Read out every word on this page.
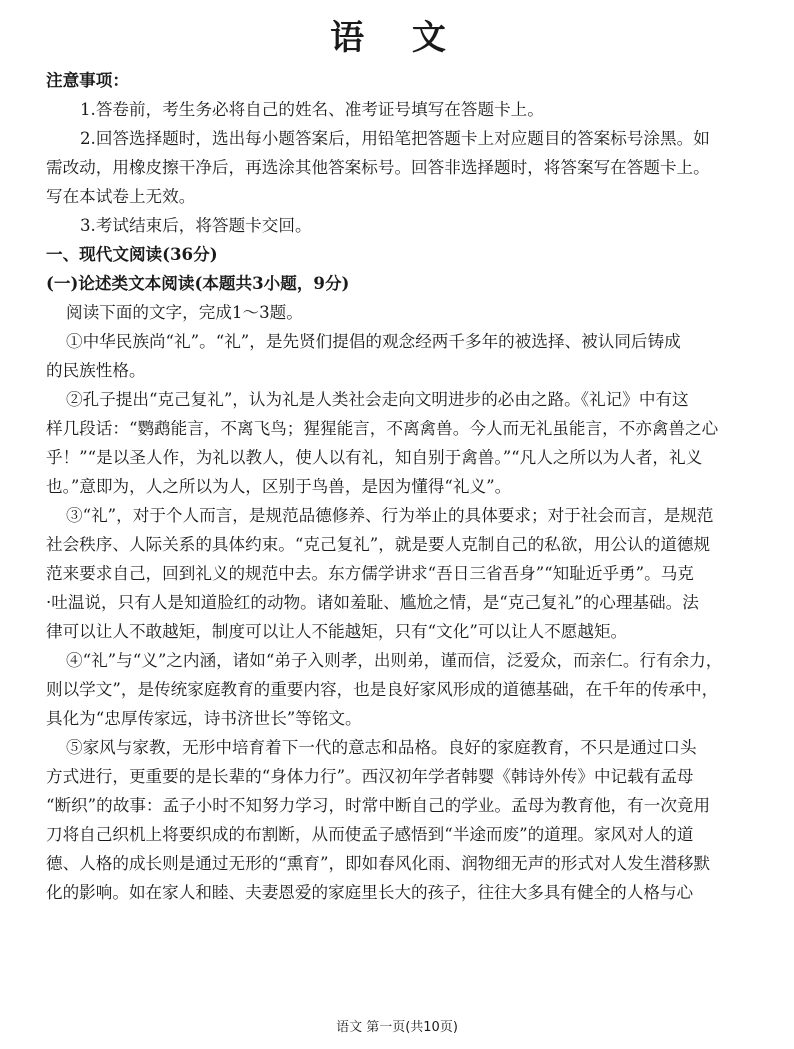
语 文
注意事项：
1.答卷前，考生务必将自己的姓名、准考证号填写在答题卡上。
2.回答选择题时，选出每小题答案后，用铅笔把答题卡上对应题目的答案标号涂黑。如
需改动，用橡皮擦干净后，再选涂其他答案标号。回答非选择题时，将答案写在答题卡上。
写在本试卷上无效。
3.考试结束后，将答题卡交回。
一、现代文阅读(36分)
(一)论述类文本阅读(本题共3小题，9分)
阅读下面的文字，完成1～3题。
①中华民族尚“礼”。“礼”，是先贤们提倡的观念经两千多年的被选择、被认同后铸成
的民族性格。
②孔子提出“克己复礼”，认为礼是人类社会走向文明进步的必由之路。《礼记》中有这
样几段话：“鹦鹉能言，不离飞鸟；猩猩能言，不离禽兽。今人而无礼虽能言，不亦禽兽之心
乎！”“是以圣人作，为礼以教人，使人以有礼，知自别于禽兽。”“凡人之所以为人者，礼义
也。”意即为，人之所以为人，区别于鸟兽，是因为懂得“礼义”。
③“礼”，对于个人而言，是规范品德修养、行为举止的具体要求；对于社会而言，是规范
社会秩序、人际关系的具体约束。“克己复礼”，就是要人克制自己的私欲，用公认的道德规
范来要求自己，回到礼义的规范中去。东方儒学讲求“吾日三省吾身”“知耻近乎勇”。马克
·吐温说，只有人是知道脸红的动物。诸如羞耻、尴尬之情，是“克己复礼”的心理基础。法
律可以让人不敢越矩，制度可以让人不能越矩，只有“文化”可以让人不愿越矩。
④“礼”与“义”之内涵，诸如“弟子入则孝，出则弟，谨而信，泛爱众，而亲仁。行有余力，
则以学文”，是传统家庭教育的重要内容，也是良好家风形成的道德基础，在千年的传承中，
具化为“忠厚传家远，诗书济世长”等铭文。
⑤家风与家教，无形中培育着下一代的意志和品格。良好的家庭教育，不只是通过口头
方式进行，更重要的是长辈的“身体力行”。西汉初年学者韩婴《韩诗外传》中记载有孟母
“断织”的故事：孟子小时不知努力学习，时常中断自己的学业。孟母为教育他，有一次竟用
刀将自己织机上将要织成的布割断，从而使孟子感悟到“半途而废”的道理。家风对人的道
德、人格的成长则是通过无形的“熏育”，即如春风化雨、润物细无声的形式对人发生潜移默
化的影响。如在家人和睦、夫妻恩爱的家庭里长大的孩子，往往大多具有健全的人格与心
语文 第一页(共10页)
